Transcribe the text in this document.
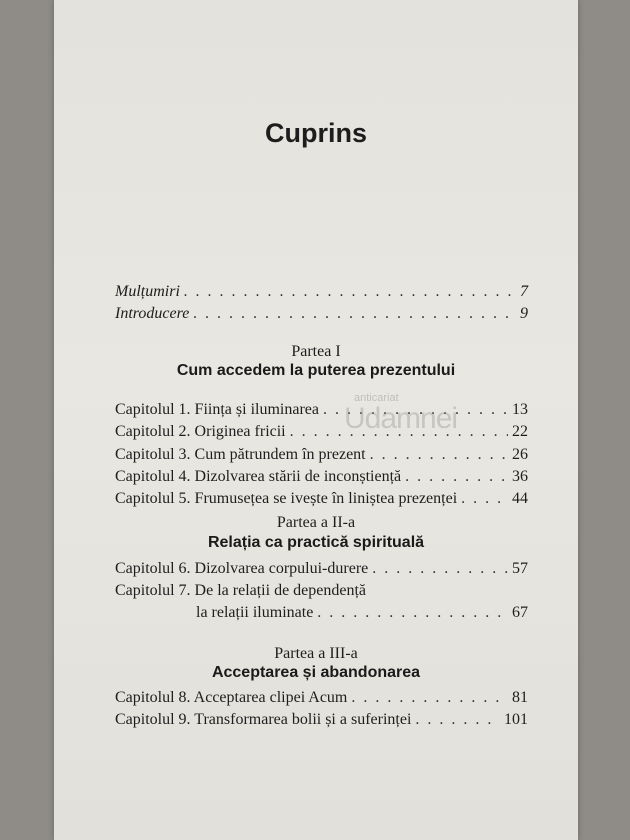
Cuprins
Mulțumiri . . .	7
Introducere . . .	9
Partea I
Cum accedem la puterea prezentului
Capitolul 1. Ființa și iluminarea . . .	13
Capitolul 2. Originea fricii . . .	22
Capitolul 3. Cum pătrundem în prezent . . .	26
Capitolul 4. Dizolvarea stării de inconștiență . . .	36
Capitolul 5. Frumusețea se ivește în liniștea prezenței . . .	44
Partea a II-a
Relația ca practică spirituală
Capitolul 6. Dizolvarea corpului-durere . . .	57
Capitolul 7. De la relații de dependență
la relații iluminate . . .	67
Partea a III-a
Acceptarea și abandonarea
Capitolul 8. Acceptarea clipei Acum . . .	81
Capitolul 9. Transformarea bolii și a suferinței . . .	101
anticariat
Udamnei
